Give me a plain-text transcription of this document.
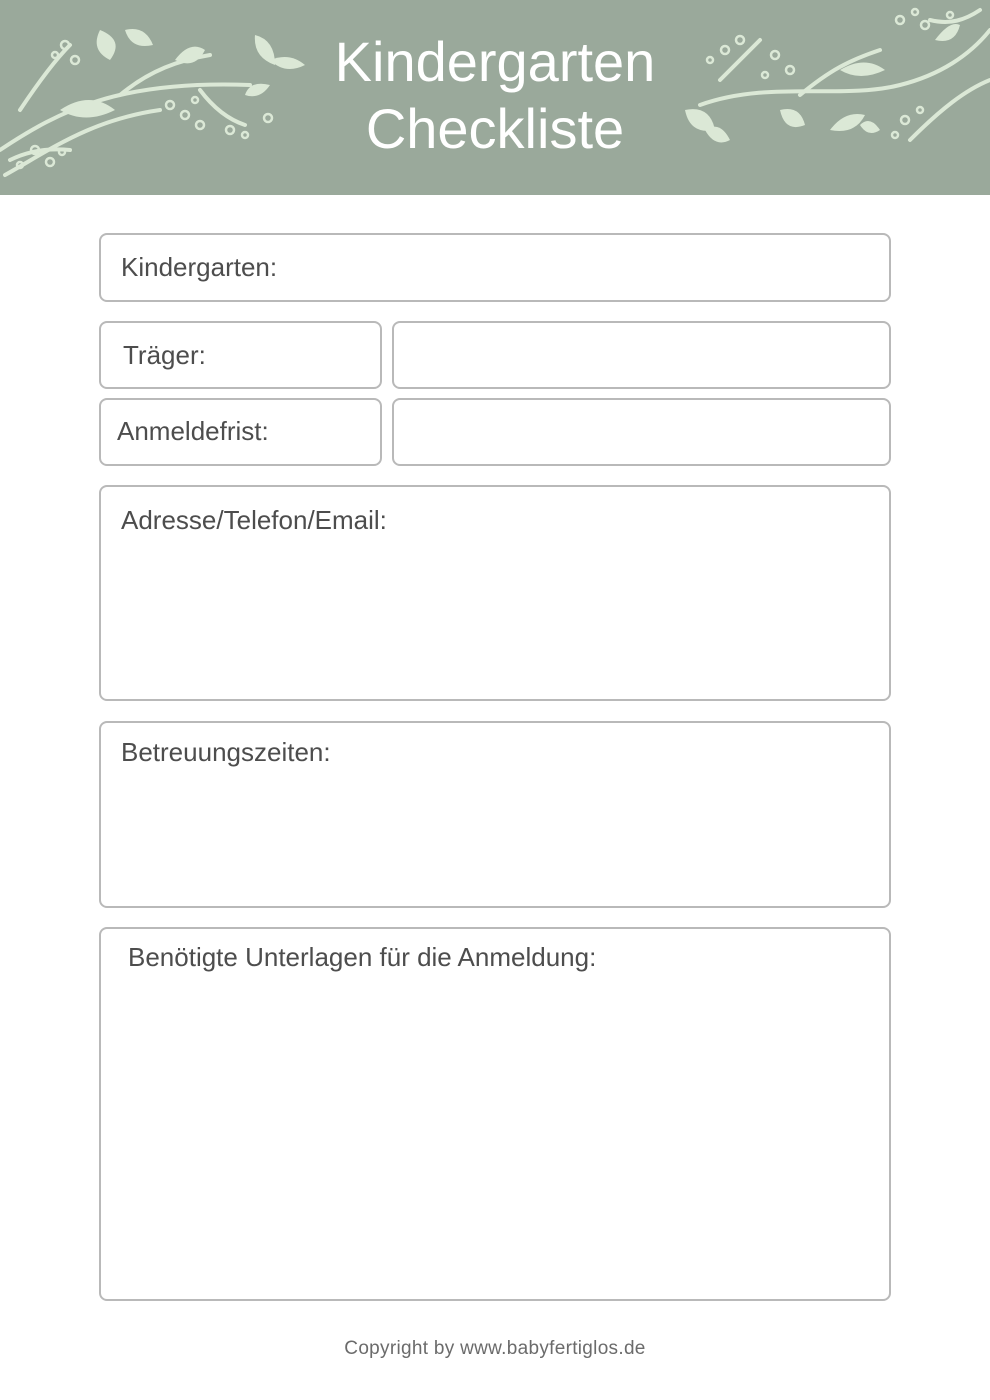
Kindergarten
Checkliste
Kindergarten:
Träger:
Anmeldefrist:
Adresse/Telefon/Email:
Betreuungszeiten:
Benötigte Unterlagen für die Anmeldung:
Copyright by www.babyfertiglos.de
